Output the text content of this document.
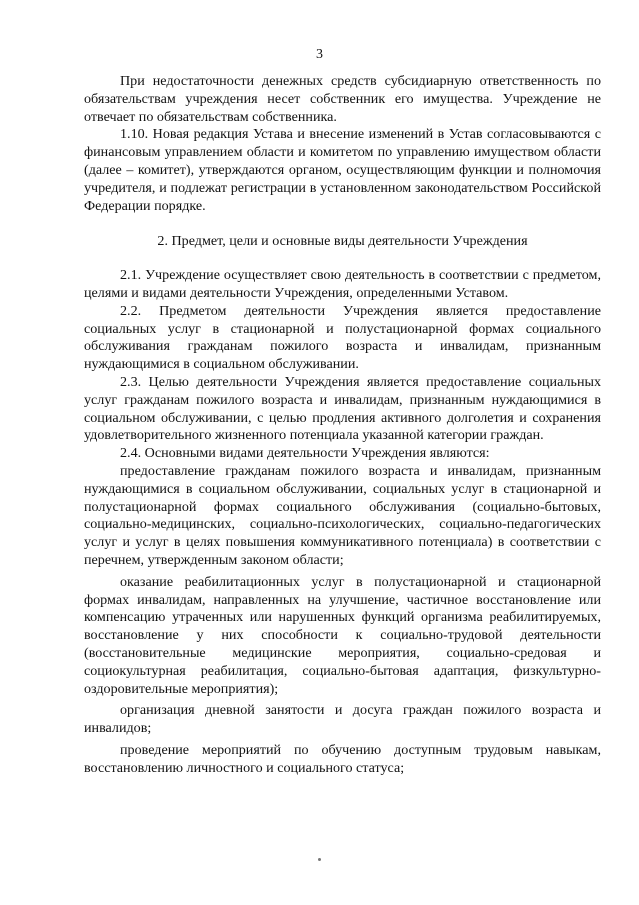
3

При недостаточности денежных средств субсидиарную ответственность по обязательствам учреждения несет собственник его имущества. Учреждение не отвечает по обязательствам собственника.

1.10. Новая редакция Устава и внесение изменений в Устав согласовываются с финансовым управлением области и комитетом по управлению имуществом области (далее – комитет), утверждаются органом, осуществляющим функции и полномочия учредителя, и подлежат регистрации в установленном законодательством Российской Федерации порядке.

2. Предмет, цели и основные виды деятельности Учреждения

2.1. Учреждение осуществляет свою деятельность в соответствии с предметом, целями и видами деятельности Учреждения, определенными Уставом.

2.2. Предметом деятельности Учреждения является предоставление социальных услуг в стационарной и полустационарной формах социального обслуживания гражданам пожилого возраста и инвалидам, признанным нуждающимися в социальном обслуживании.

2.3. Целью деятельности Учреждения является предоставление социальных услуг гражданам пожилого возраста и инвалидам, признанным нуждающимися в социальном обслуживании, с целью продления активного долголетия и сохранения удовлетворительного жизненного потенциала указанной категории граждан.

2.4. Основными видами деятельности Учреждения являются:

предоставление гражданам пожилого возраста и инвалидам, признанным нуждающимися в социальном обслуживании, социальных услуг в стационарной и полустационарной формах социального обслуживания (социально-бытовых, социально-медицинских, социально-психологических, социально-педагогических услуг и услуг в целях повышения коммуникативного потенциала) в соответствии с перечнем, утвержденным законом области;

оказание реабилитационных услуг в полустационарной и стационарной формах инвалидам, направленных на улучшение, частичное восстановление или компенсацию утраченных или нарушенных функций организма реабилитируемых, восстановление у них способности к социально-трудовой деятельности (восстановительные медицинские мероприятия, социально-средовая и социокультурная реабилитация, социально-бытовая адаптация, физкультурно-оздоровительные мероприятия);

организация дневной занятости и досуга граждан пожилого возраста и инвалидов;

проведение мероприятий по обучению доступным трудовым навыкам, восстановлению личностного и социального статуса;
